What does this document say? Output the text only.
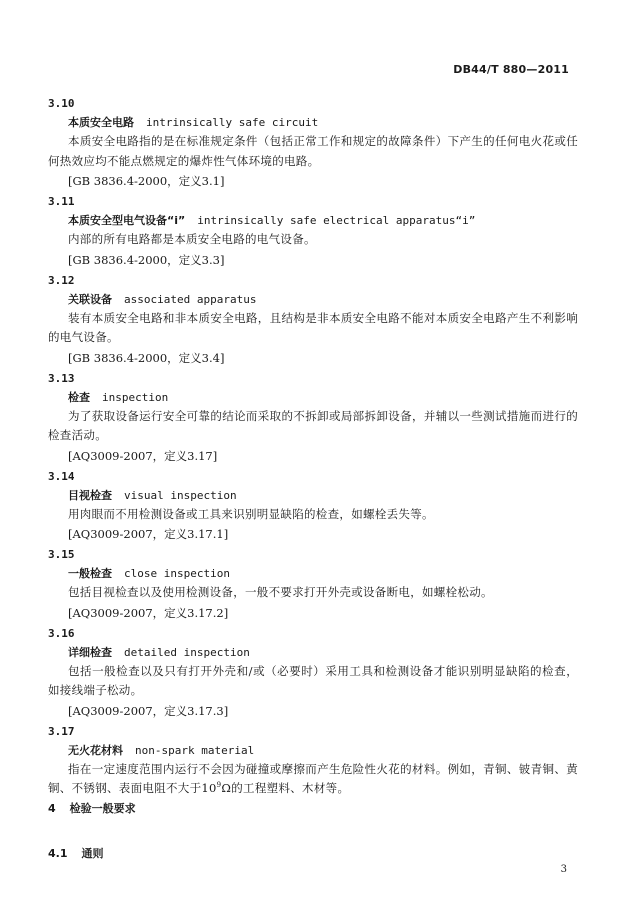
DB44/T 880—2011
3.10
本质安全电路 intrinsically safe circuit

本质安全电路指的是在标准规定条件（包括正常工作和规定的故障条件）下产生的任何电火花或任何热效应均不能点燃规定的爆炸性气体环境的电路。

[GB 3836.4-2000，定义3.1]
3.11
本质安全型电气设备“i” intrinsically safe electrical apparatus“i”

内部的所有电路都是本质安全电路的电气设备。

[GB 3836.4-2000，定义3.3]
3.12
关联设备 associated apparatus

装有本质安全电路和非本质安全电路，且结构是非本质安全电路不能对本质安全电路产生不利影响的电气设备。

[GB 3836.4-2000，定义3.4]
3.13
检查 inspection

为了获取设备运行安全可靠的结论而采取的不拆卸或局部拆卸设备，并辅以一些测试措施而进行的检查活动。

[AQ3009-2007，定义3.17]
3.14
目视检查 visual inspection

用肉眼而不用检测设备或工具来识别明显缺陷的检查，如螺栓丢失等。

[AQ3009-2007，定义3.17.1]
3.15
一般检查 close inspection

包括目视检查以及使用检测设备，一般不要求打开外壳或设备断电，如螺栓松动。

[AQ3009-2007，定义3.17.2]
3.16
详细检查 detailed inspection

包括一般检查以及只有打开外壳和/或（必要时）采用工具和检测设备才能识别明显缺陷的检查，如接线端子松动。

[AQ3009-2007，定义3.17.3]
3.17
无火花材料 non-spark material

指在一定速度范围内运行不会因为碰撞或摩擦而产生危险性火花的材料。例如，青铜、铍青铜、黄铜、不锈钢、表面电阻不大于$10^9\Omega$的工程塑料、木材等。

4 检验一般要求
4.1 通则
3
